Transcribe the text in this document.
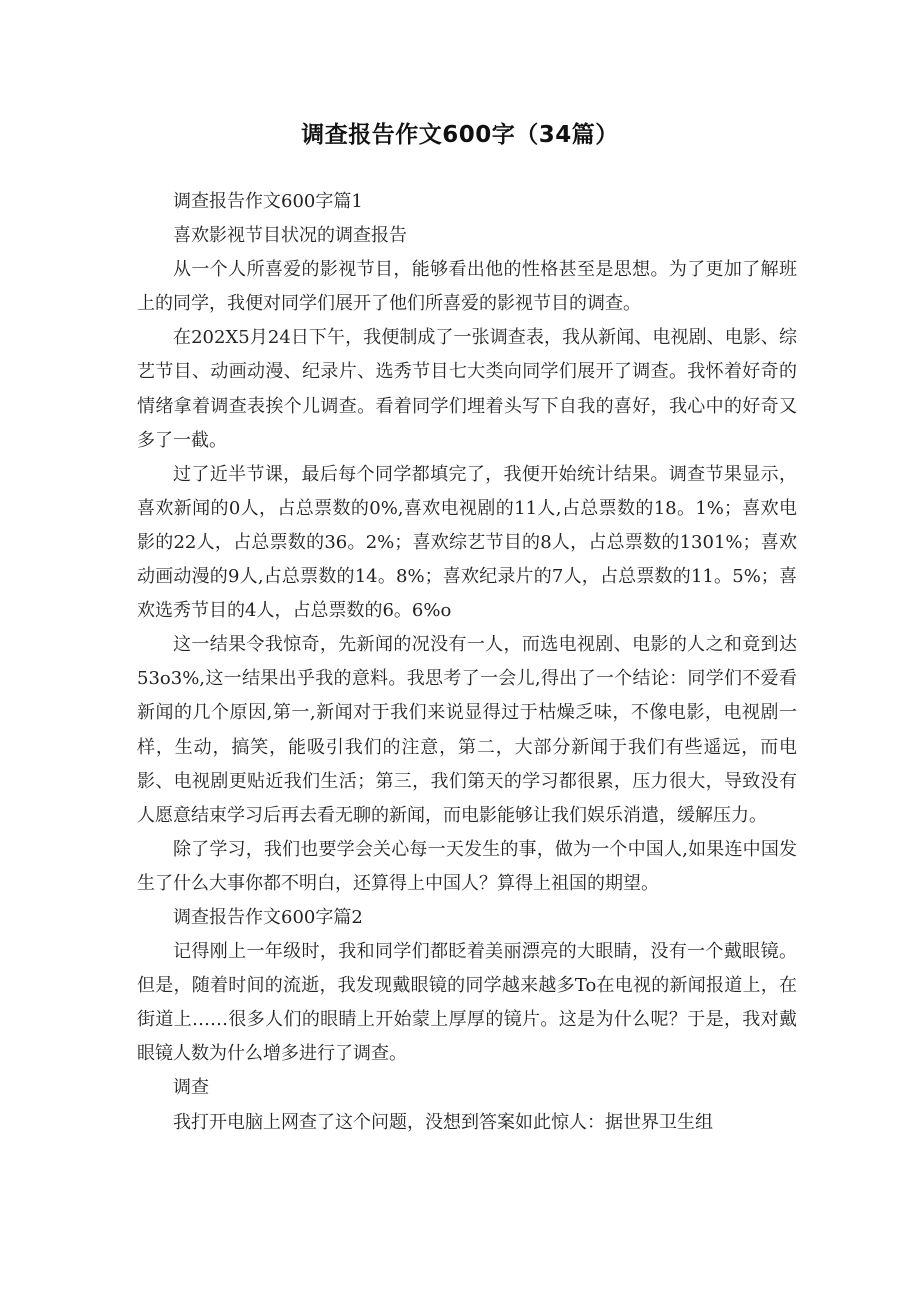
调查报告作文600字（34篇）

调查报告作文600字篇1

喜欢影视节目状况的调查报告

从一个人所喜爱的影视节目，能够看出他的性格甚至是思想。为了更加了解班上的同学，我便对同学们展开了他们所喜爱的影视节目的调查。

在202X5月24日下午，我便制成了一张调查表，我从新闻、电视剧、电影、综艺节目、动画动漫、纪录片、选秀节目七大类向同学们展开了调查。我怀着好奇的情绪拿着调查表挨个儿调查。看着同学们埋着头写下自我的喜好，我心中的好奇又多了一截。

过了近半节课，最后每个同学都填完了，我便开始统计结果。调查节果显示，喜欢新闻的0人，占总票数的0%,喜欢电视剧的11人,占总票数的18。1%；喜欢电影的22人，占总票数的36。2%；喜欢综艺节目的8人，占总票数的1301%；喜欢动画动漫的9人,占总票数的14。8%；喜欢纪录片的7人，占总票数的11。5%；喜欢选秀节目的4人，占总票数的6。6%o

这一结果令我惊奇，先新闻的况没有一人，而选电视剧、电影的人之和竟到达53o3%,这一结果出乎我的意料。我思考了一会儿,得出了一个结论：同学们不爱看新闻的几个原因,第一,新闻对于我们来说显得过于枯燥乏味，不像电影，电视剧一样，生动，搞笑，能吸引我们的注意，第二，大部分新闻于我们有些遥远，而电影、电视剧更贴近我们生活；第三，我们第天的学习都很累，压力很大，导致没有人愿意结束学习后再去看无聊的新闻，而电影能够让我们娱乐消遣，缓解压力。

除了学习，我们也要学会关心每一天发生的事，做为一个中国人,如果连中国发生了什么大事你都不明白，还算得上中国人？算得上祖国的期望。

调查报告作文600字篇2

记得刚上一年级时，我和同学们都眨着美丽漂亮的大眼睛，没有一个戴眼镜。但是，随着时间的流逝，我发现戴眼镜的同学越来越多To在电视的新闻报道上，在街道上……很多人们的眼睛上开始蒙上厚厚的镜片。这是为什么呢？于是，我对戴眼镜人数为什么增多进行了调查。

调查

我打开电脑上网查了这个问题，没想到答案如此惊人：据世界卫生组
